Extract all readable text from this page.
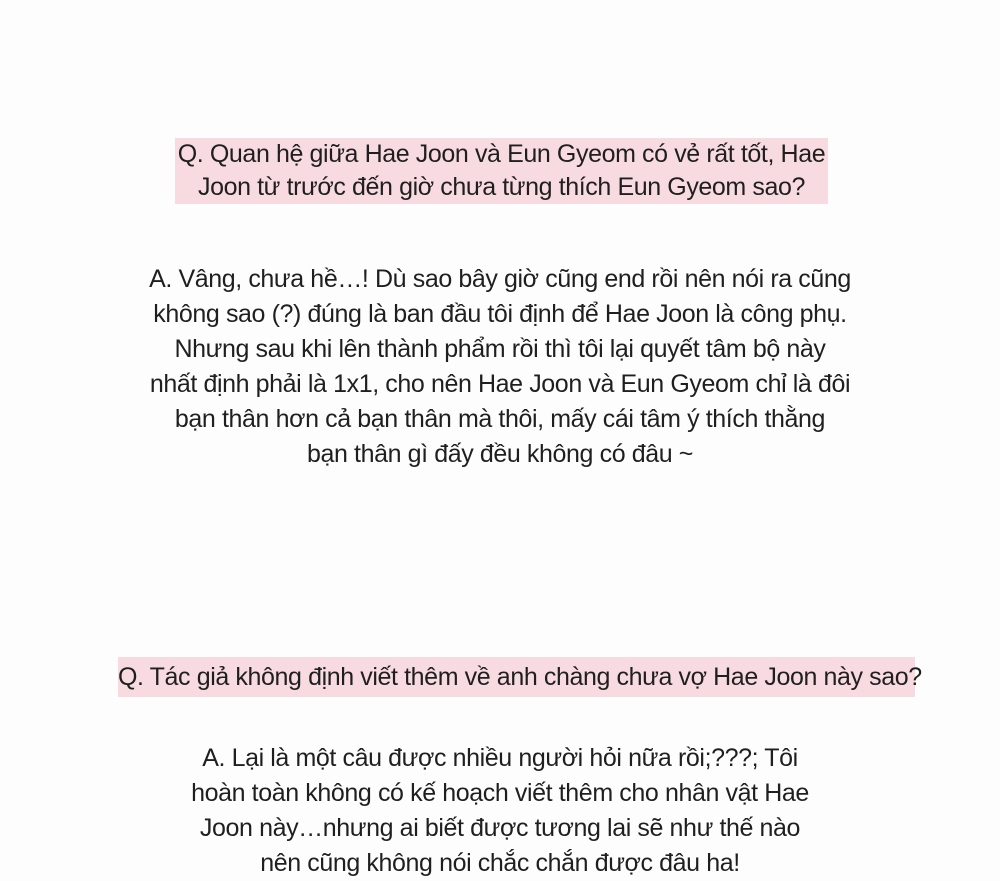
Q. Quan hệ giữa Hae Joon và Eun Gyeom có vẻ rất tốt, Hae
Joon từ trước đến giờ chưa từng thích Eun Gyeom sao?
A. Vâng, chưa hề…! Dù sao bây giờ cũng end rồi nên nói ra cũng
không sao (?) đúng là ban đầu tôi định để Hae Joon là công phụ.
Nhưng sau khi lên thành phẩm rồi thì tôi lại quyết tâm bộ này
nhất định phải là 1x1, cho nên Hae Joon và Eun Gyeom chỉ là đôi
bạn thân hơn cả bạn thân mà thôi, mấy cái tâm ý thích thằng
bạn thân gì đấy đều không có đâu ~
Q. Tác giả không định viết thêm về anh chàng chưa vợ Hae Joon này sao?
A. Lại là một câu được nhiều người hỏi nữa rồi;???; Tôi
hoàn toàn không có kế hoạch viết thêm cho nhân vật Hae
Joon này…nhưng ai biết được tương lai sẽ như thế nào
nên cũng không nói chắc chắn được đâu ha!
